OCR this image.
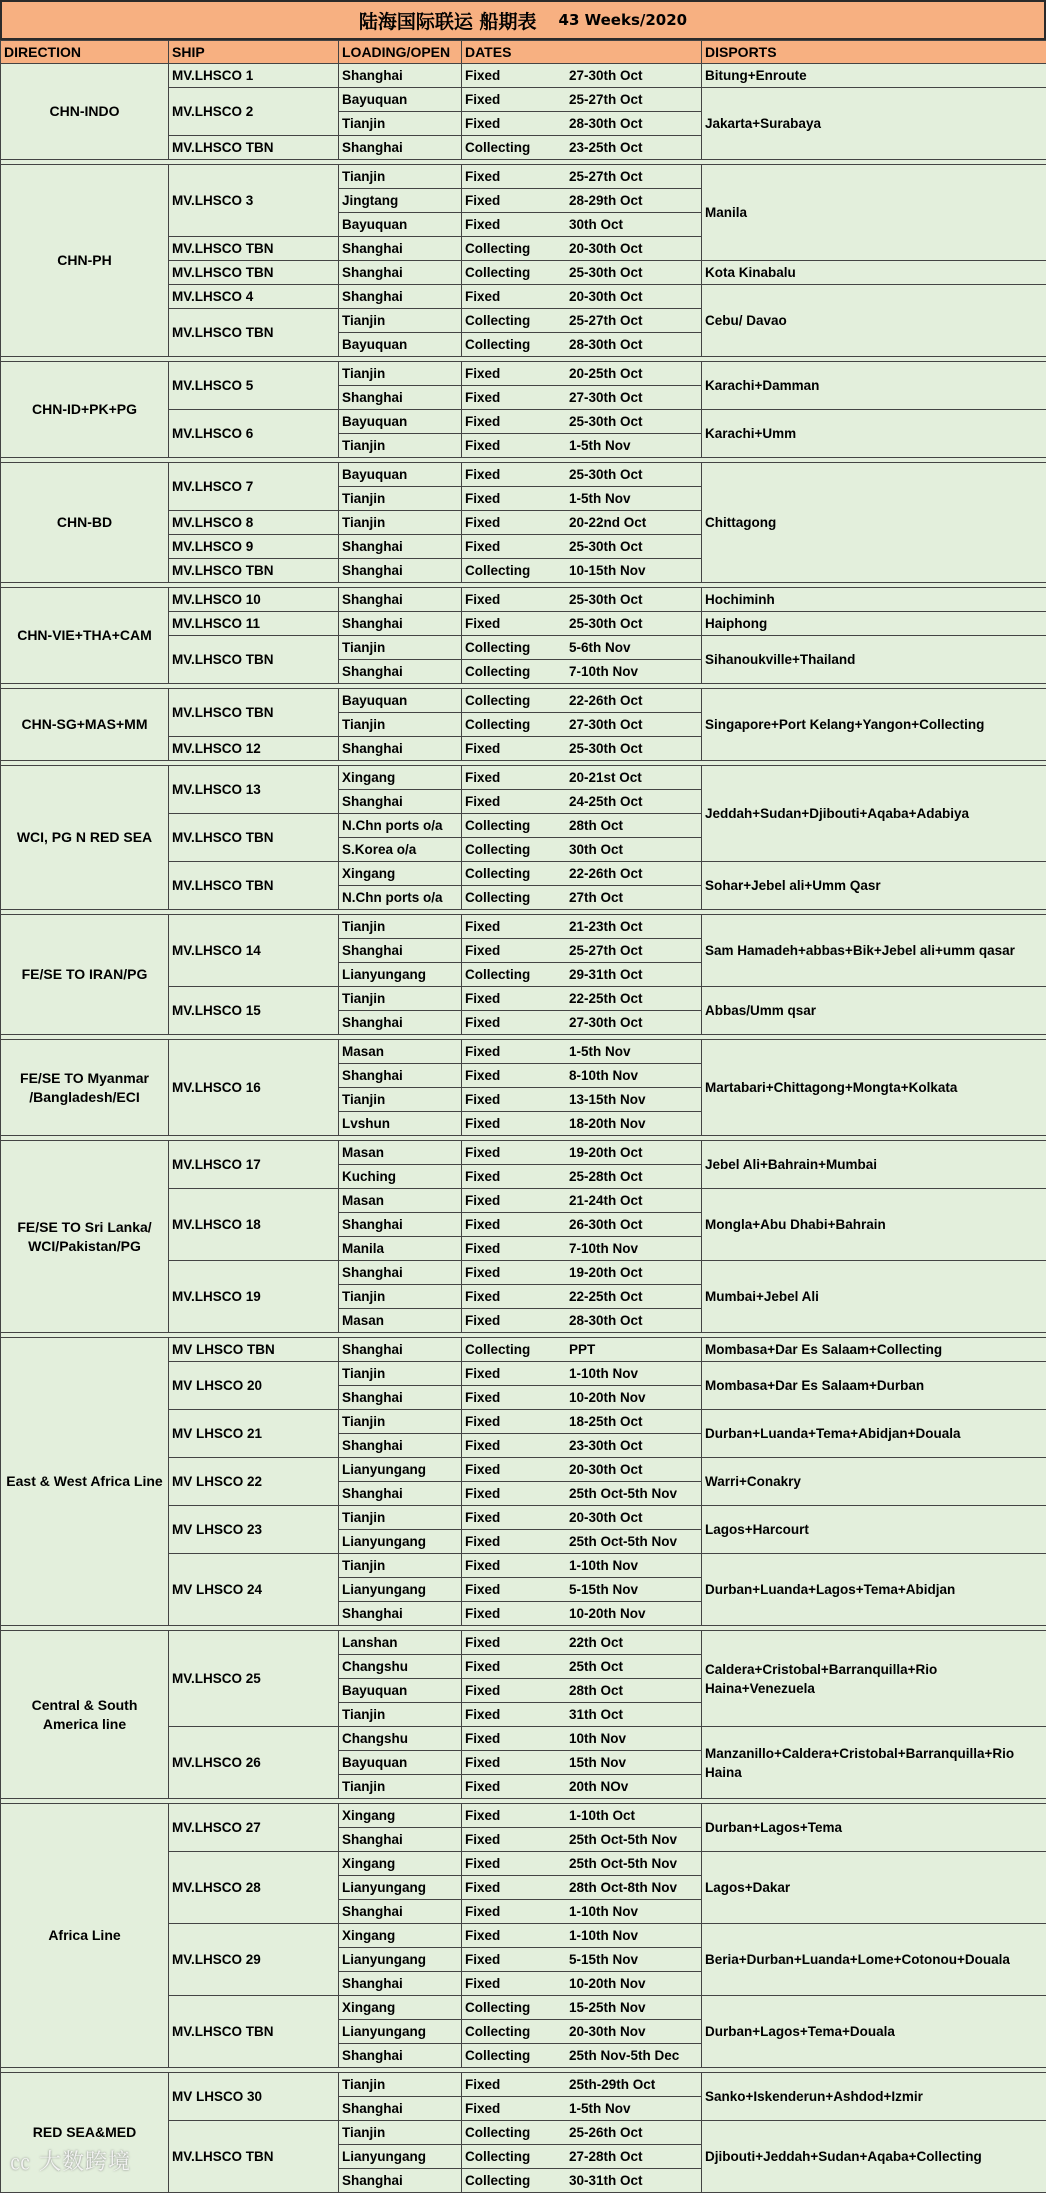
陆海国际联运 船期表 43 Weeks/2020
DIRECTION	SHIP	LOADING/OPEN	DATES	DISPORTS
CHN-INDO	MV.LHSCO 1	Shanghai	Fixed 27-30th Oct	Bitung+Enroute
	MV.LHSCO 2	Bayuquan	Fixed 25-27th Oct	Jakarta+Surabaya
		Tianjin	Fixed 28-30th Oct	

	MV.LHSCO TBN	Shanghai	Collecting 23-25th Oct	

CHN-PH	MV.LHSCO 3	Tianjin	Fixed 25-27th Oct	Manila
		Jingtang	Fixed 28-29th Oct	

		Bayuquan	Fixed 30th Oct	

	MV.LHSCO TBN	Shanghai	Collecting 20-30th Oct	

	MV.LHSCO TBN	Shanghai	Collecting 25-30th Oct	Kota Kinabalu
	MV.LHSCO 4	Shanghai	Fixed 20-30th Oct	Cebu/ Davao
	MV.LHSCO TBN	Tianjin	Collecting 25-27th Oct	

		Bayuquan	Collecting 28-30th Oct	

CHN-ID+PK+PG	MV.LHSCO 5	Tianjin	Fixed 20-25th Oct	Karachi+Damman
		Shanghai	Fixed 27-30th Oct	

	MV.LHSCO 6	Bayuquan	Fixed 25-30th Oct	Karachi+Umm
		Tianjin	Fixed 1-5th Nov	

CHN-BD	MV.LHSCO 7	Bayuquan	Fixed 25-30th Oct	Chittagong
		Tianjin	Fixed 1-5th Nov	

	MV.LHSCO 8	Tianjin	Fixed 20-22nd Oct	

	MV.LHSCO 9	Shanghai	Fixed 25-30th Oct	

	MV.LHSCO TBN	Shanghai	Collecting 10-15th Nov	

CHN-VIE+THA+CAM	MV.LHSCO 10	Shanghai	Fixed 25-30th Oct	Hochiminh
	MV.LHSCO 11	Shanghai	Fixed 25-30th Oct	Haiphong
	MV.LHSCO TBN	Tianjin	Collecting 5-6th Nov	Sihanoukville+Thailand
		Shanghai	Collecting 7-10th Nov	

CHN-SG+MAS+MM	MV.LHSCO TBN	Bayuquan	Collecting 22-26th Oct	Singapore+Port Kelang+Yangon+Collecting
		Tianjin	Collecting 27-30th Oct	

	MV.LHSCO 12	Shanghai	Fixed 25-30th Oct	

WCI, PG N RED SEA	MV.LHSCO 13	Xingang	Fixed 20-21st Oct	Jeddah+Sudan+Djibouti+Aqaba+Adabiya
		Shanghai	Fixed 24-25th Oct	

	MV.LHSCO TBN	N.Chn ports o/a	Collecting 28th Oct	

		S.Korea o/a	Collecting 30th Oct	

	MV.LHSCO TBN	Xingang	Collecting 22-26th Oct	Sohar+Jebel ali+Umm Qasr
		N.Chn ports o/a	Collecting 27th Oct	

FE/SE TO IRAN/PG	MV.LHSCO 14	Tianjin	Fixed 21-23th Oct	Sam Hamadeh+abbas+Bik+Jebel ali+umm qasar
		Shanghai	Fixed 25-27th Oct	

		Lianyungang	Collecting 29-31th Oct	

	MV.LHSCO 15	Tianjin	Fixed 22-25th Oct	Abbas/Umm qsar
		Shanghai	Fixed 27-30th Oct	

FE/SE TO Myanmar /Bangladesh/ECI	MV.LHSCO 16	Masan	Fixed 1-5th Nov	Martabari+Chittagong+Mongta+Kolkata
		Shanghai	Fixed 8-10th Nov	

		Tianjin	Fixed 13-15th Nov	

		Lvshun	Fixed 18-20th Nov	

FE/SE TO Sri Lanka/ WCI/Pakistan/PG	MV.LHSCO 17	Masan	Fixed 19-20th Oct	Jebel Ali+Bahrain+Mumbai
		Kuching	Fixed 25-28th Oct	

	MV.LHSCO 18	Masan	Fixed 21-24th Oct	Mongla+Abu Dhabi+Bahrain
		Shanghai	Fixed 26-30th Oct	

		Manila	Fixed 7-10th Nov	

	MV.LHSCO 19	Shanghai	Fixed 19-20th Oct	Mumbai+Jebel Ali
		Tianjin	Fixed 22-25th Oct	

		Masan	Fixed 28-30th Oct	

East & West Africa Line	MV LHSCO TBN	Shanghai	Collecting PPT	Mombasa+Dar Es Salaam+Collecting
	MV LHSCO 20	Tianjin	Fixed 1-10th Nov	Mombasa+Dar Es Salaam+Durban
		Shanghai	Fixed 10-20th Nov	

	MV LHSCO 21	Tianjin	Fixed 18-25th Oct	Durban+Luanda+Tema+Abidjan+Douala
		Shanghai	Fixed 23-30th Oct	

	MV LHSCO 22	Lianyungang	Fixed 20-30th Oct	Warri+Conakry
		Shanghai	Fixed 25th Oct-5th Nov	

	MV LHSCO 23	Tianjin	Fixed 20-30th Oct	Lagos+Harcourt
		Lianyungang	Fixed 25th Oct-5th Nov	

	MV LHSCO 24	Tianjin	Fixed 1-10th Nov	Durban+Luanda+Lagos+Tema+Abidjan
		Lianyungang	Fixed 5-15th Nov	

		Shanghai	Fixed 10-20th Nov	

Central & South America line	MV.LHSCO 25	Lanshan	Fixed 22th Oct	Caldera+Cristobal+Barranquilla+Rio Haina+Venezuela
		Changshu	Fixed 25th Oct	

		Bayuquan	Fixed 28th Oct	

		Tianjin	Fixed 31th Oct	

	MV.LHSCO 26	Changshu	Fixed 10th Nov	Manzanillo+Caldera+Cristobal+Barranquilla+Rio Haina
		Bayuquan	Fixed 15th Nov	

		Tianjin	Fixed 20th NOv	

Africa Line	MV.LHSCO 27	Xingang	Fixed 1-10th Oct	Durban+Lagos+Tema
		Shanghai	Fixed 25th Oct-5th Nov	

	MV.LHSCO 28	Xingang	Fixed 25th Oct-5th Nov	Lagos+Dakar
		Lianyungang	Fixed 28th Oct-8th Nov	

		Shanghai	Fixed 1-10th Nov	

	MV.LHSCO 29	Xingang	Fixed 1-10th Nov	Beria+Durban+Luanda+Lome+Cotonou+Douala
		Lianyungang	Fixed 5-15th Nov	

		Shanghai	Fixed 10-20th Nov	

	MV.LHSCO TBN	Xingang	Collecting 15-25th Nov	Durban+Lagos+Tema+Douala
		Lianyungang	Collecting 20-30th Nov	

		Shanghai	Collecting 25th Nov-5th Dec	

RED SEA&MED	MV LHSCO 30	Tianjin	Fixed 25th-29th Oct	Sanko+Iskenderun+Ashdod+Izmir
		Shanghai	Fixed 1-5th Nov	

	MV.LHSCO TBN	Tianjin	Collecting 25-26th Oct	Djibouti+Jeddah+Sudan+Aqaba+Collecting
		Lianyungang	Collecting 27-28th Oct	

		Shanghai	Collecting 30-31th Oct	
㏄ 大数跨境
